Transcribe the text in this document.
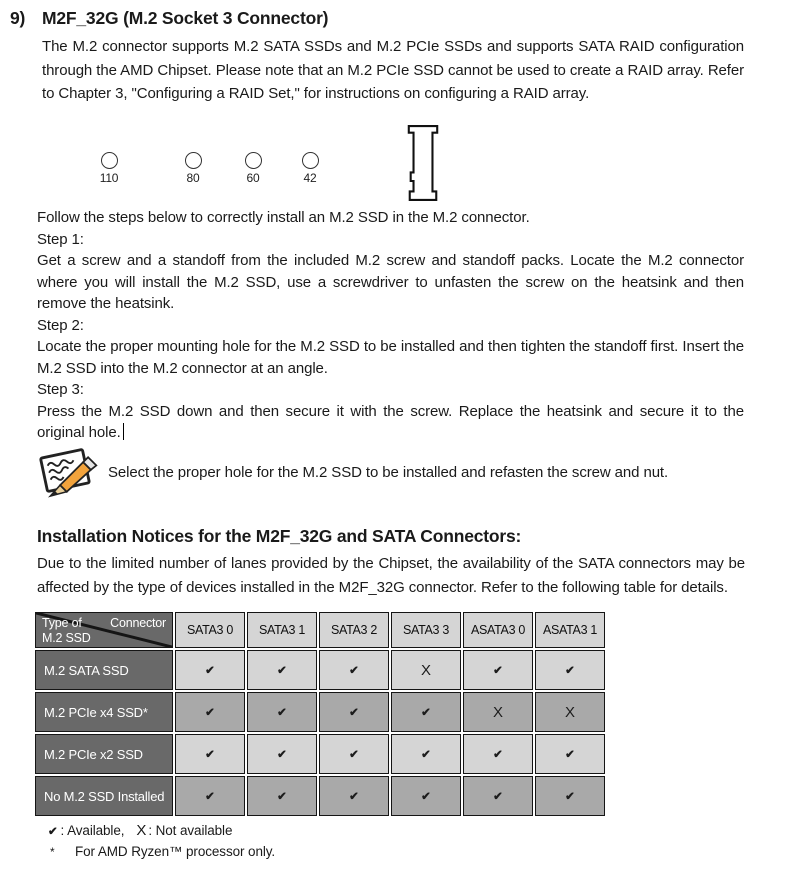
9) M2F_32G (M.2 Socket 3 Connector)
The M.2 connector supports M.2 SATA SSDs and M.2 PCIe SSDs and supports SATA RAID configuration through the AMD Chipset. Please note that an M.2 PCIe SSD cannot be used to create a RAID array. Refer to Chapter 3, "Configuring a RAID Set," for instructions on configuring a RAID array.
110	80	60	42

Follow the steps below to correctly install an M.2 SSD in the M.2 connector.

Step 1:

Get a screw and a standoff from the included M.2 screw and standoff packs. Locate the M.2 connector where you will install the M.2 SSD, use a screwdriver to unfasten the screw on the heatsink and then remove the heatsink.

Step 2:

Locate the proper mounting hole for the M.2 SSD to be installed and then tighten the standoff first. Insert the M.2 SSD into the M.2 connector at an angle.

Step 3:

Press the M.2 SSD down and then secure it with the screw. Replace the heatsink and secure it to the original hole.

Select the proper hole for the M.2 SSD to be installed and refasten the screw and nut.
Installation Notices for the M2F_32G and SATA Connectors:
Due to the limited number of lanes provided by the Chipset, the availability of the SATA connectors may be affected by the type of devices installed in the M2F_32G connector. Refer to the following table for details.
Connector
Type of
M.2 SSD	SATA3 0	SATA3 1	SATA3 2	SATA3 3	ASATA3 0	ASATA3 1
M.2 SATA SSD	✔	✔	✔	X	✔	✔
M.2 PCIe x4 SSD*	✔	✔	✔	✔	X	X
M.2 PCIe x2 SSD	✔	✔	✔	✔	✔	✔
No M.2 SSD Installed	✔	✔	✔	✔	✔	✔
✔ : Available, X : Not available
*	For AMD Ryzen™ processor only.
